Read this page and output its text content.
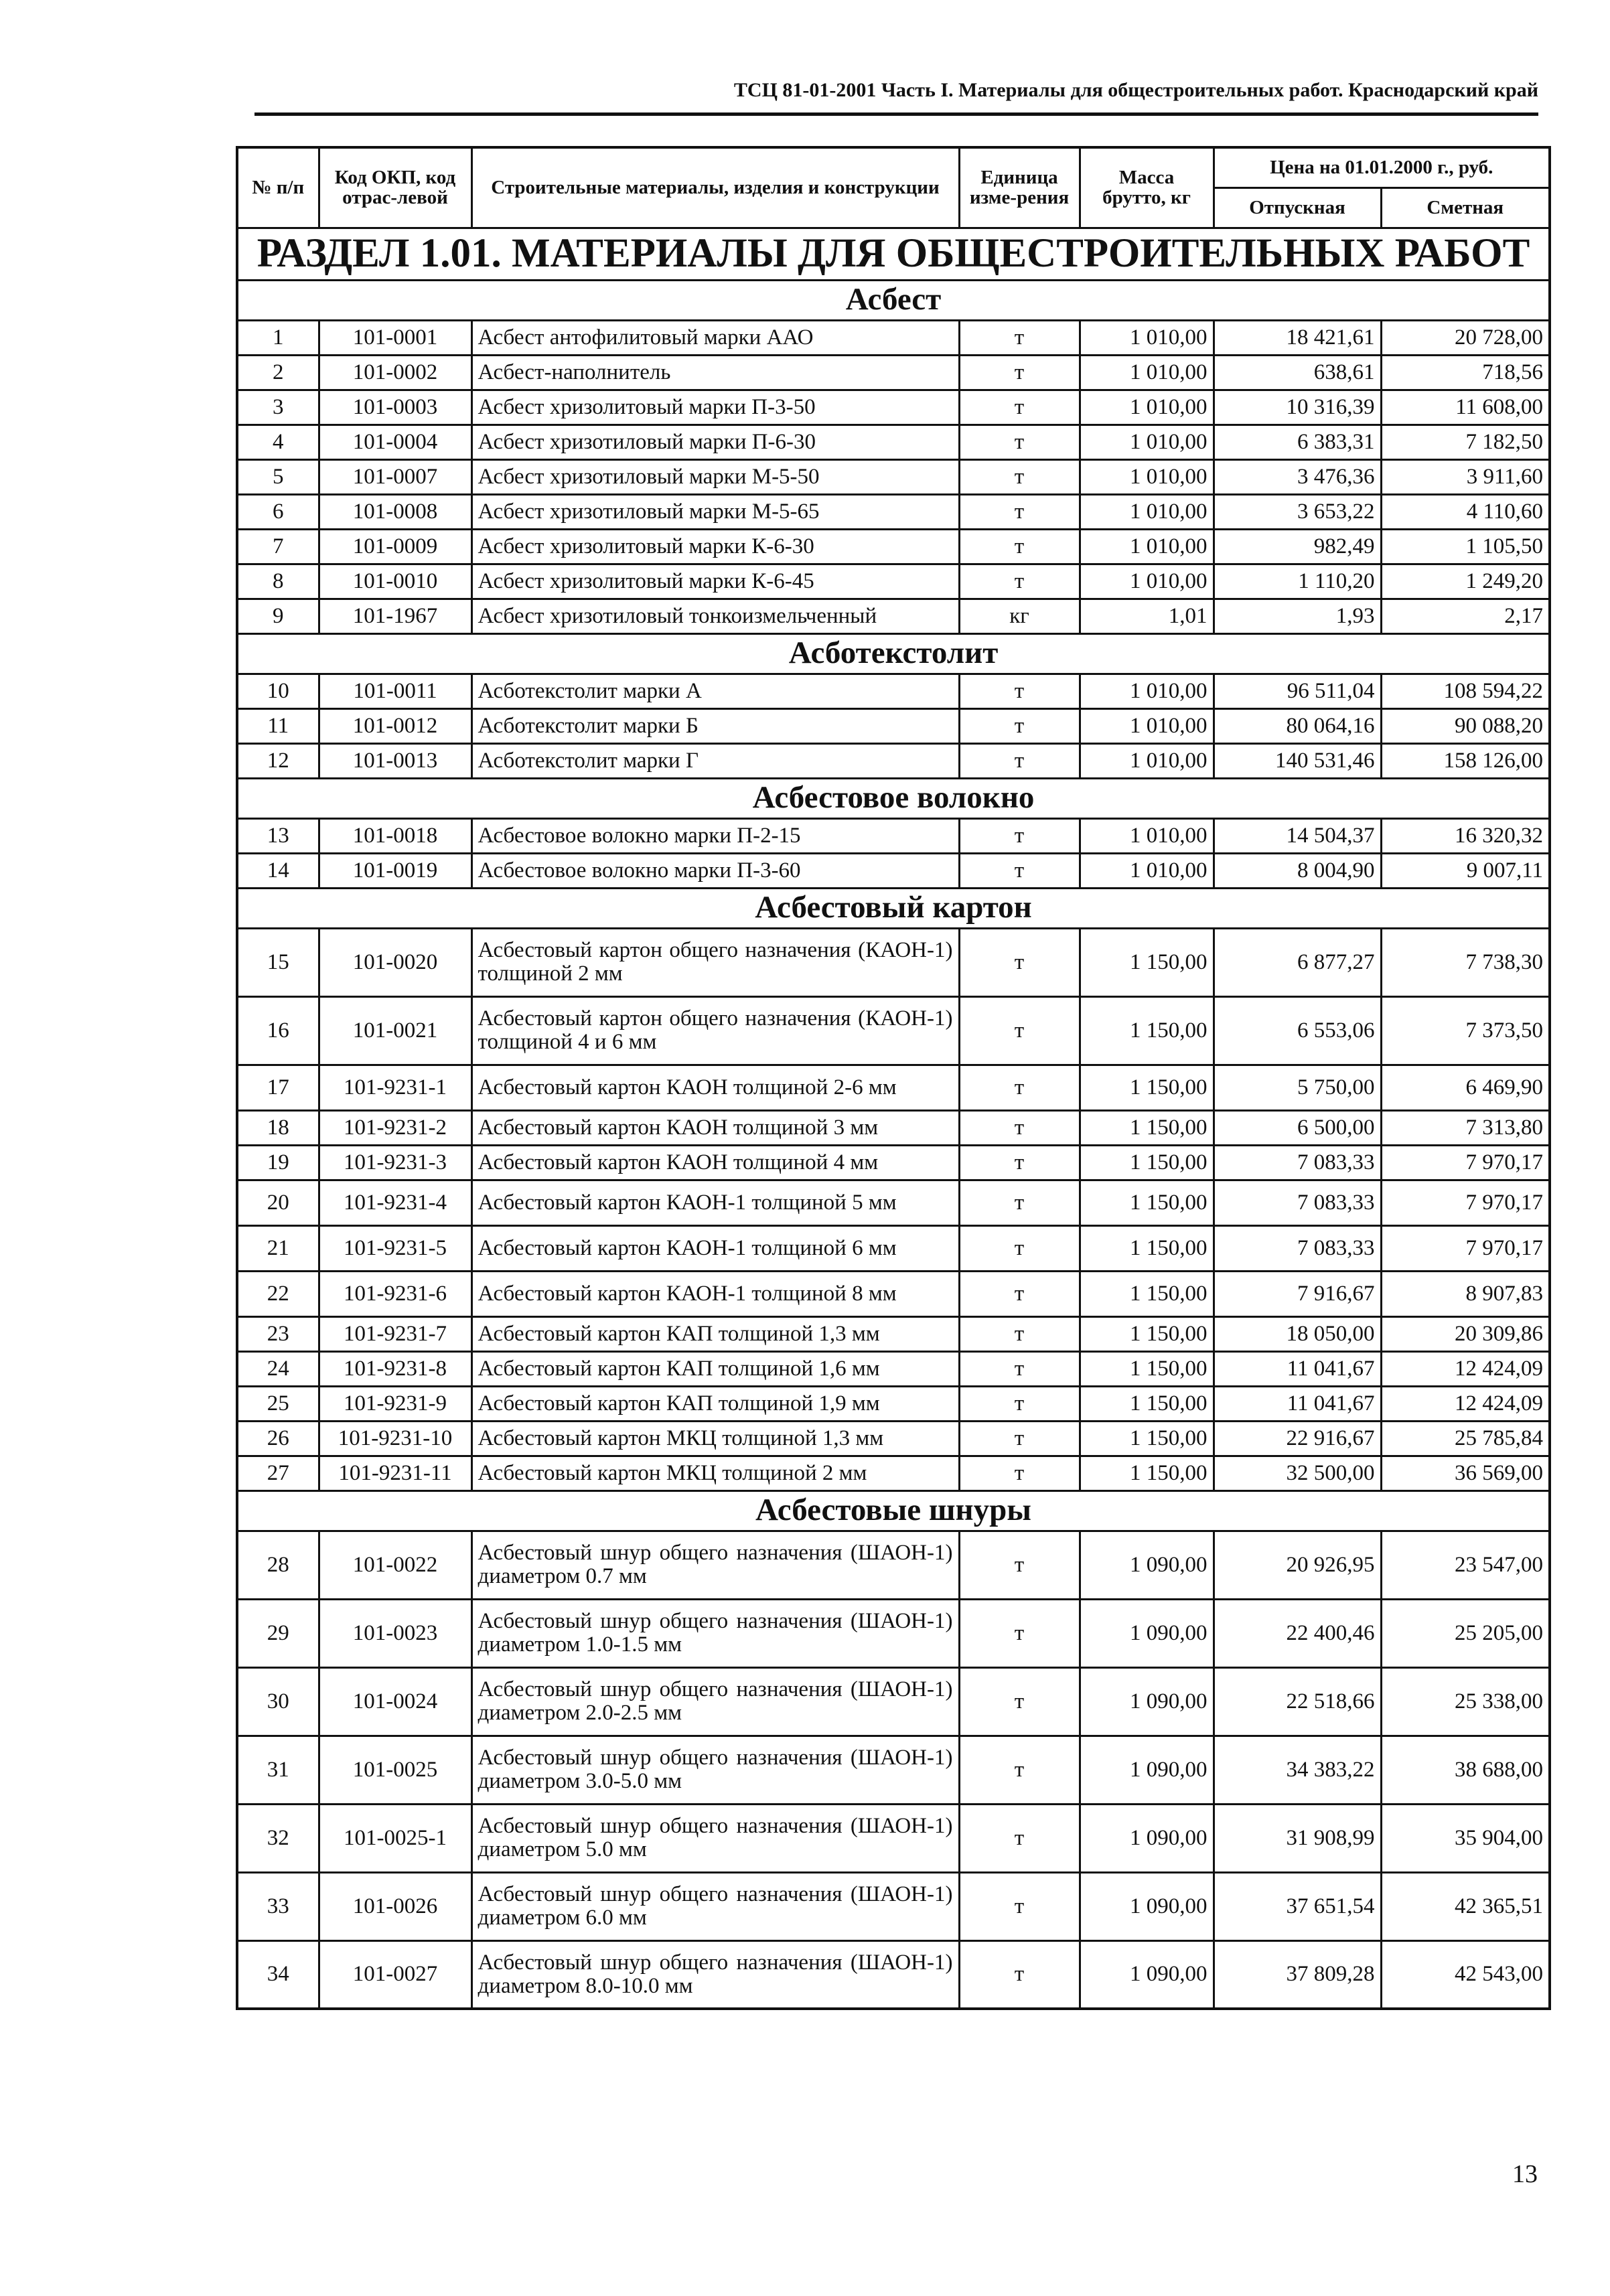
ТСЦ 81-01-2001 Часть I. Материалы для общестроительных работ. Краснодарский край
№ п/п	Код ОКП, код отрас-левой	Строительные материалы, изделия и конструкции	Единица изме-рения	Масса брутто, кг	Цена на 01.01.2000 г., руб.	
					Отпускная	Сметная
РАЗДЕЛ 1.01. МАТЕРИАЛЫ ДЛЯ ОБЩЕСТРОИТЕЛЬНЫХ РАБОТ						
Асбест						
1	101-0001	Асбест антофилитовый марки ААО	т	1 010,00	18 421,61	20 728,00
2	101-0002	Асбест-наполнитель	т	1 010,00	638,61	718,56
3	101-0003	Асбест хризолитовый марки П-3-50	т	1 010,00	10 316,39	11 608,00
4	101-0004	Асбест хризотиловый марки П-6-30	т	1 010,00	6 383,31	7 182,50
5	101-0007	Асбест хризотиловый марки М-5-50	т	1 010,00	3 476,36	3 911,60
6	101-0008	Асбест хризотиловый марки М-5-65	т	1 010,00	3 653,22	4 110,60
7	101-0009	Асбест хризолитовый марки К-6-30	т	1 010,00	982,49	1 105,50
8	101-0010	Асбест хризолитовый марки К-6-45	т	1 010,00	1 110,20	1 249,20
9	101-1967	Асбест хризотиловый тонкоизмельченный	кг	1,01	1,93	2,17
Асботекстолит						
10	101-0011	Асботекстолит марки А	т	1 010,00	96 511,04	108 594,22
11	101-0012	Асботекстолит марки Б	т	1 010,00	80 064,16	90 088,20
12	101-0013	Асботекстолит марки Г	т	1 010,00	140 531,46	158 126,00
Асбестовое волокно						
13	101-0018	Асбестовое волокно марки П-2-15	т	1 010,00	14 504,37	16 320,32
14	101-0019	Асбестовое волокно марки П-3-60	т	1 010,00	8 004,90	9 007,11
Асбестовый картон						
15	101-0020	Асбестовый картон общего назначения (КАОН-1) толщиной 2 мм	т	1 150,00	6 877,27	7 738,30
16	101-0021	Асбестовый картон общего назначения (КАОН-1) толщиной 4 и 6 мм	т	1 150,00	6 553,06	7 373,50
17	101-9231-1	Асбестовый картон КАОН толщиной 2-6 мм	т	1 150,00	5 750,00	6 469,90
18	101-9231-2	Асбестовый картон КАОН толщиной 3 мм	т	1 150,00	6 500,00	7 313,80
19	101-9231-3	Асбестовый картон КАОН толщиной 4 мм	т	1 150,00	7 083,33	7 970,17
20	101-9231-4	Асбестовый картон КАОН-1 толщиной 5 мм	т	1 150,00	7 083,33	7 970,17
21	101-9231-5	Асбестовый картон КАОН-1 толщиной 6 мм	т	1 150,00	7 083,33	7 970,17
22	101-9231-6	Асбестовый картон КАОН-1 толщиной 8 мм	т	1 150,00	7 916,67	8 907,83
23	101-9231-7	Асбестовый картон КАП толщиной 1,3 мм	т	1 150,00	18 050,00	20 309,86
24	101-9231-8	Асбестовый картон КАП толщиной 1,6 мм	т	1 150,00	11 041,67	12 424,09
25	101-9231-9	Асбестовый картон КАП толщиной 1,9 мм	т	1 150,00	11 041,67	12 424,09
26	101-9231-10	Асбестовый картон МКЦ толщиной 1,3 мм	т	1 150,00	22 916,67	25 785,84
27	101-9231-11	Асбестовый картон МКЦ толщиной 2 мм	т	1 150,00	32 500,00	36 569,00
Асбестовые шнуры						
28	101-0022	Асбестовый шнур общего назначения (ШАОН-1) диаметром 0.7 мм	т	1 090,00	20 926,95	23 547,00
29	101-0023	Асбестовый шнур общего назначения (ШАОН-1) диаметром 1.0-1.5 мм	т	1 090,00	22 400,46	25 205,00
30	101-0024	Асбестовый шнур общего назначения (ШАОН-1) диаметром 2.0-2.5 мм	т	1 090,00	22 518,66	25 338,00
31	101-0025	Асбестовый шнур общего назначения (ШАОН-1) диаметром 3.0-5.0 мм	т	1 090,00	34 383,22	38 688,00
32	101-0025-1	Асбестовый шнур общего назначения (ШАОН-1) диаметром 5.0 мм	т	1 090,00	31 908,99	35 904,00
33	101-0026	Асбестовый шнур общего назначения (ШАОН-1) диаметром 6.0 мм	т	1 090,00	37 651,54	42 365,51
34	101-0027	Асбестовый шнур общего назначения (ШАОН-1) диаметром 8.0-10.0 мм	т	1 090,00	37 809,28	42 543,00
13
